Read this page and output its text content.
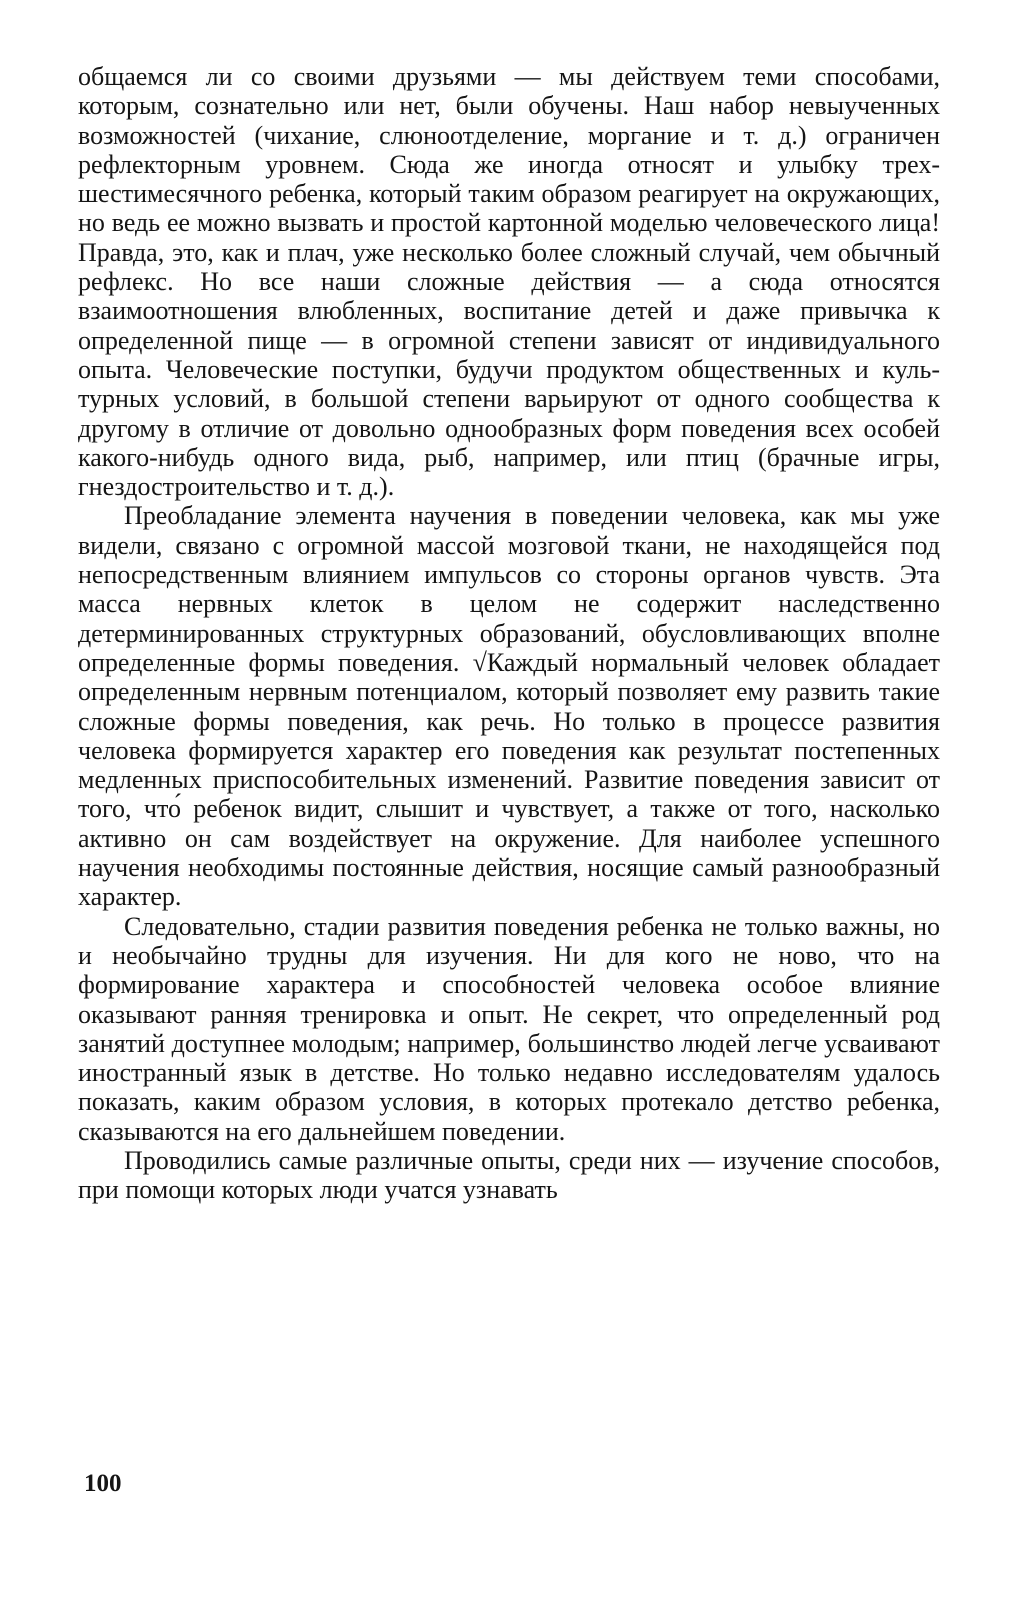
общаемся ли со своими друзьями — мы действуем теми способами, которым, сознательно или нет, были обучены. Наш набор невыученных возможностей (чихание, слюноотделение, моргание и т. д.) ограничен рефлекторным уровнем. Сюда же иногда относят и улыбку трех-шестимесячного ребенка, который таким образом реагирует на окружающих, но ведь ее можно вызвать и простой картонной моделью человеческого лица! Правда, это, как и плач, уже несколько более сложный случай, чем обычный рефлекс. Но все наши сложные действия — а сюда относятся взаимоотношения влюбленных, воспитание детей и даже привычка к определенной пище — в огромной степени зависят от индивидуального опыта. Человеческие поступки, будучи продуктом общественных и культурных условий, в большой степени варьируют от одного сообщества к другому в отличие от довольно однообразных форм поведения всех особей какого-нибудь одного вида, рыб, например, или птиц (брачные игры, гнездостроительство и т. д.).

Преобладание элемента научения в поведении человека, как мы уже видели, связано с огромной массой мозговой ткани, не находящейся под непосредственным влиянием импульсов со стороны органов чувств. Эта масса нервных клеток в целом не содержит наследственно детерминированных структурных образований, обусловливающих вполне определенные формы поведения. √Каждый нормальный человек обладает определенным нервным потенциалом, который позволяет ему развить такие сложные формы поведения, как речь. Но только в процессе развития человека формируется характер его поведения как результат постепенных медленных приспособительных изменений. Развитие поведения зависит от того, что́ ребенок видит, слышит и чувствует, а также от того, насколько активно он сам воздействует на окружение. Для наиболее успешного научения необходимы постоянные действия, носящие самый разнообразный характер.

Следовательно, стадии развития поведения ребенка не только важны, но и необычайно трудны для изучения. Ни для кого не ново, что на формирование характера и способностей человека особое влияние оказывают ранняя тренировка и опыт. Не секрет, что определенный род занятий доступнее молодым; например, большинство людей легче усваивают иностранный язык в детстве. Но только недавно исследователям удалось показать, каким образом условия, в которых протекало детство ребенка, сказываются на его дальнейшем поведении.

Проводились самые различные опыты, среди них — изучение способов, при помощи которых люди учатся узнавать

100
